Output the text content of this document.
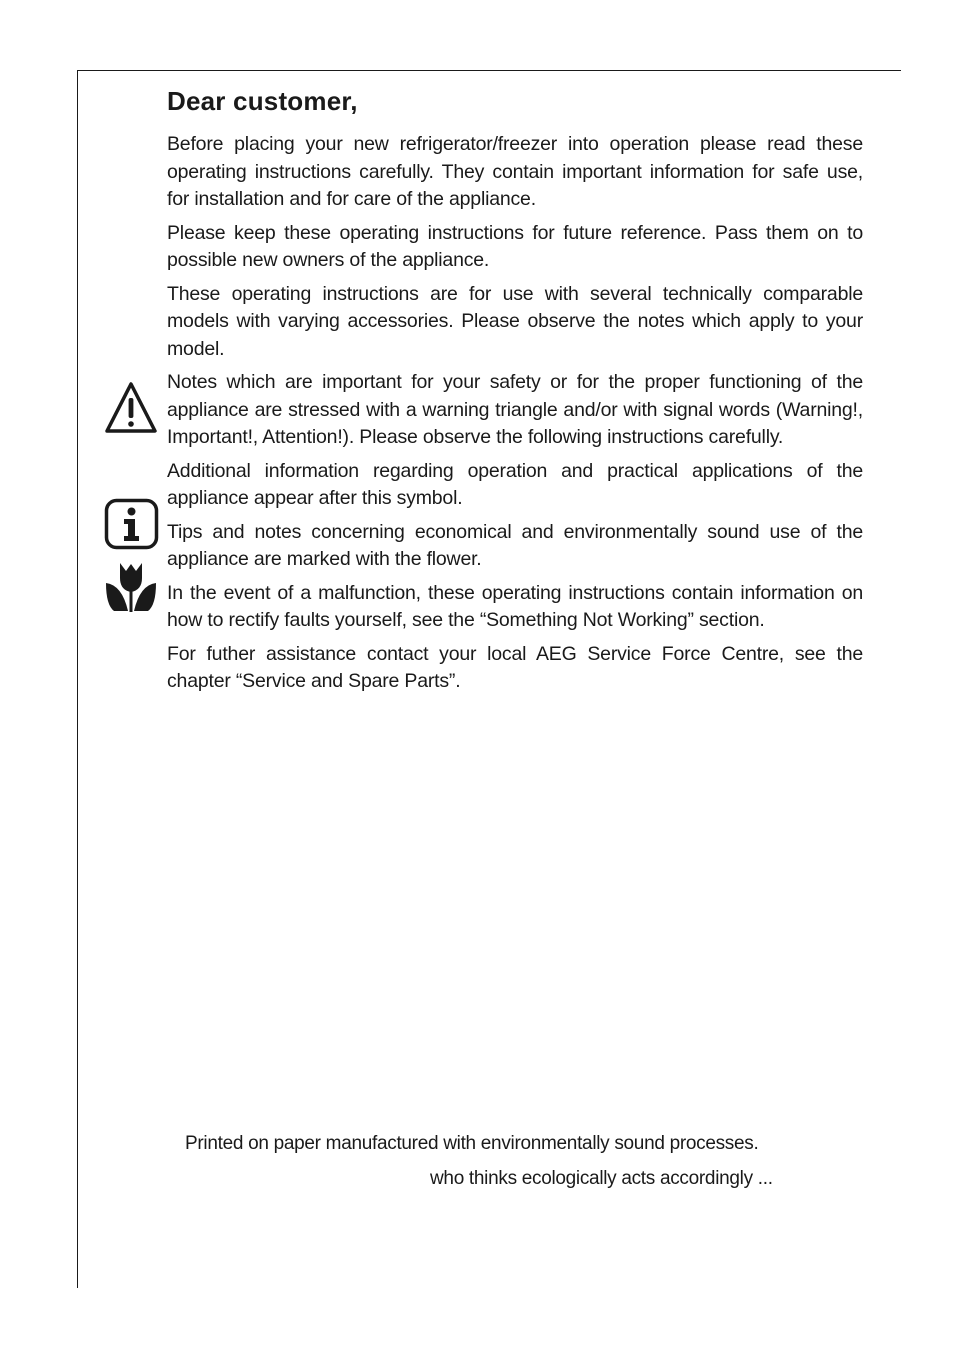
Dear customer,

Before placing your new refrigerator/freezer into operation please read these operating instructions carefully. They contain important information for safe use, for installation and for care of the appliance.

Please keep these operating instructions for future reference. Pass them on to possible new owners of the appliance.

These operating instructions are for use with several technically comparable models with varying accessories. Please observe the notes which apply to your model.

Notes which are important for your safety or for the proper functioning of the appliance are stressed with a warning triangle and/or with signal words (Warning!, Important!, Attention!). Please observe the following instructions carefully.

Additional information regarding operation and practical applications of the appliance appear after this symbol.

Tips and notes concerning economical and environmentally sound use of the appliance are marked with the flower.

In the event of a malfunction, these operating instructions contain information on how to rectify faults yourself, see the “Something Not Working” section.

For futher assistance contact your local AEG Service Force Centre, see the chapter “Service and Spare Parts”.

Printed on paper manufactured with environmentally sound processes.

who thinks ecologically acts accordingly ...
